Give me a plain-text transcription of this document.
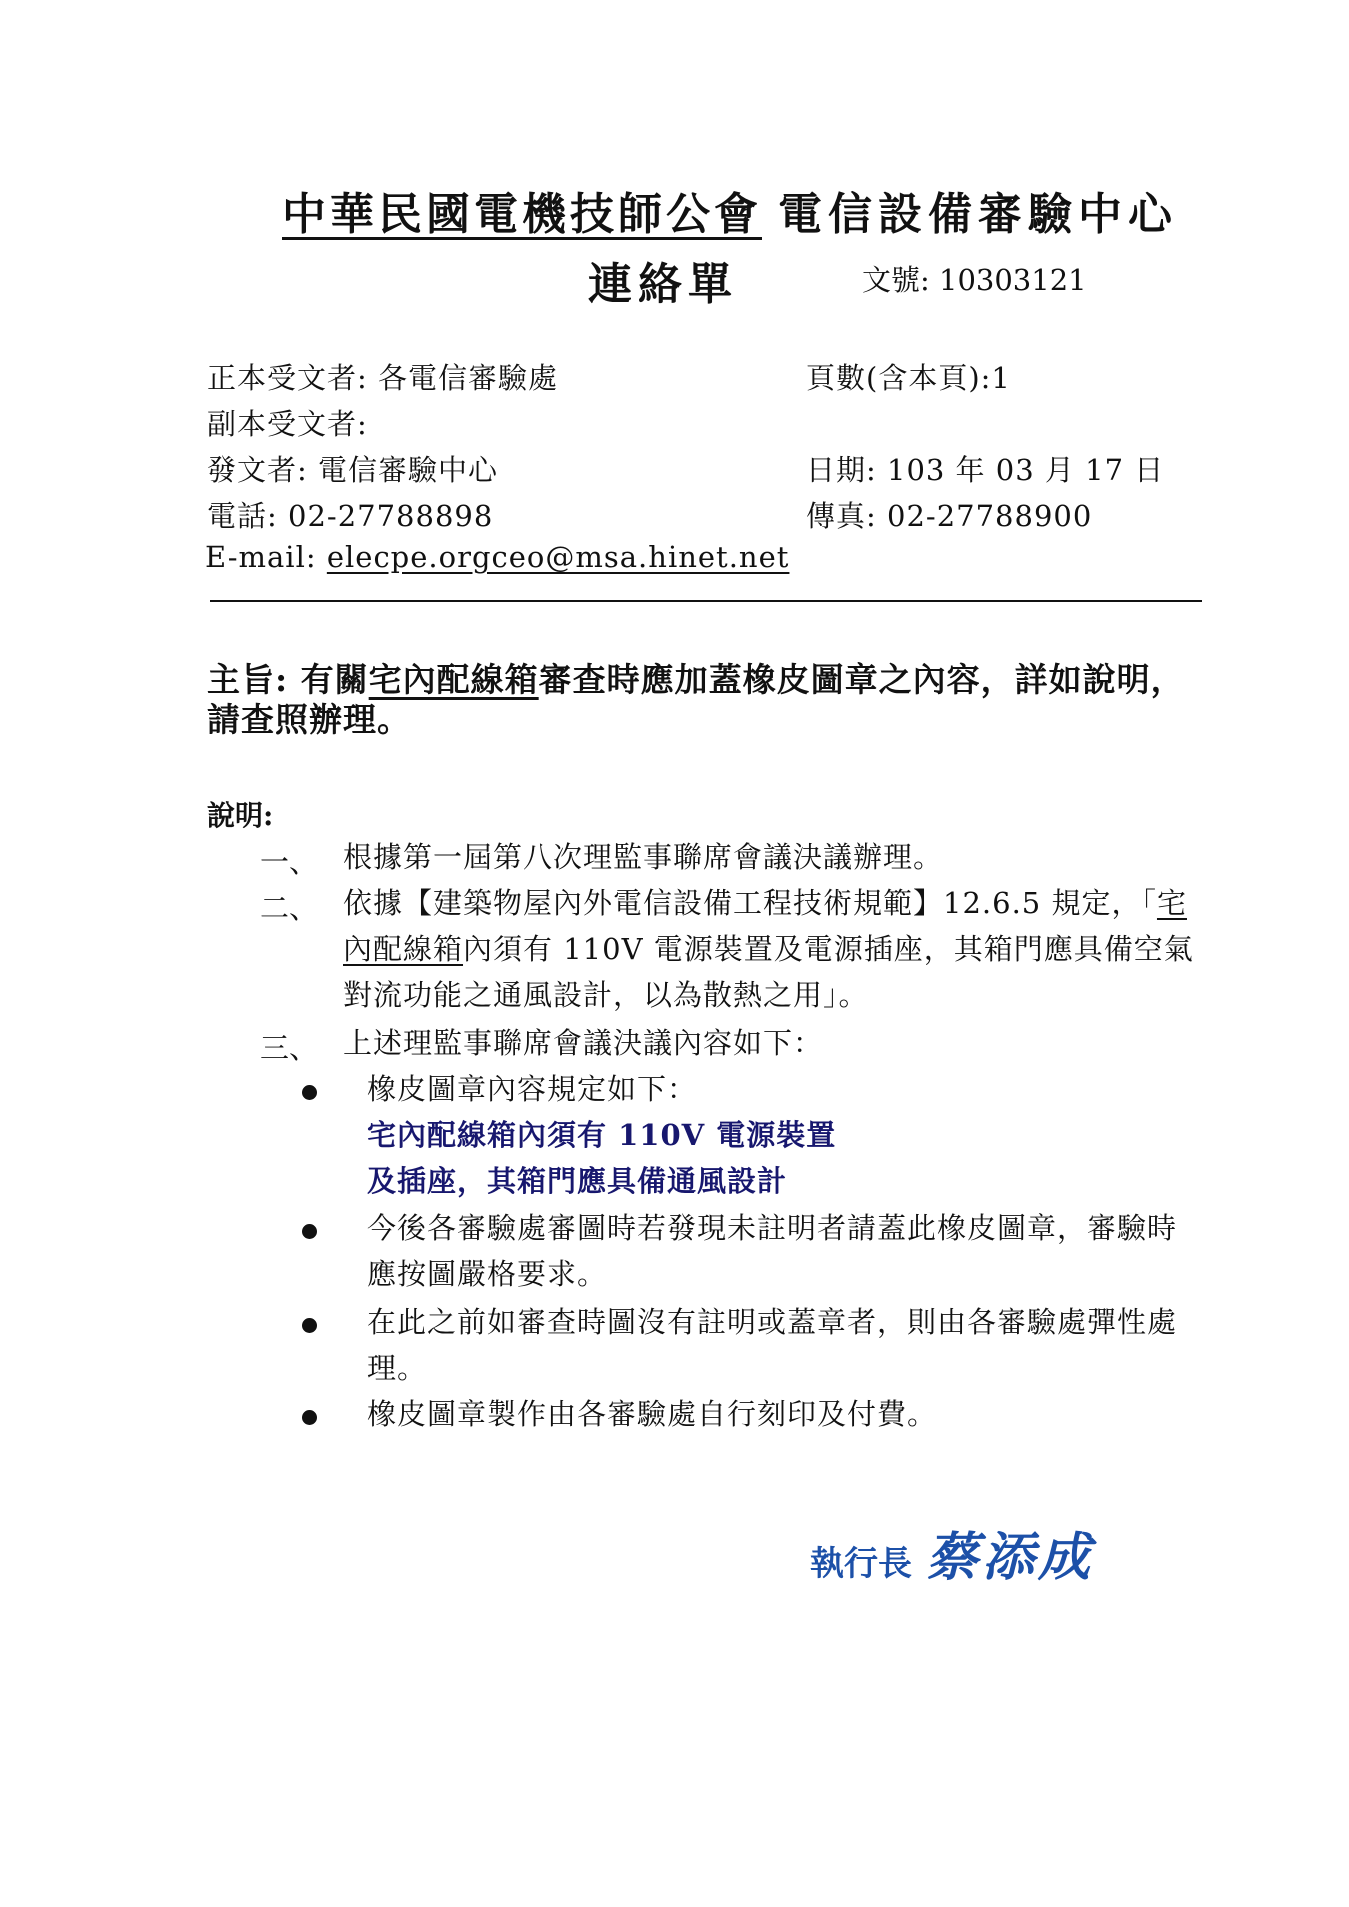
中華民國電機技師公會 電信設備審驗中心
連絡單	文號: 10303121
正本受文者: 各電信審驗處	頁數(含本頁):1
副本受文者:
發文者: 電信審驗中心	日期: 103 年 03 月 17 日
電話: 02-27788898	傳真: 02-27788900
E-mail: elecpe.orgceo@msa.hinet.net
主旨: 有關宅內配線箱審查時應加蓋橡皮圖章之內容，詳如說明，請查照辦理。
說明:
一、 根據第一屆第八次理監事聯席會議決議辦理。
二、 依據【建築物屋內外電信設備工程技術規範】12.6.5 規定，「宅內配線箱內須有 110V 電源裝置及電源插座，其箱門應具備空氣對流功能之通風設計，以為散熱之用」。
三、 上述理監事聯席會議決議內容如下：
橡皮圖章內容規定如下：
宅內配線箱內須有 110V 電源裝置
及插座，其箱門應具備通風設計
今後各審驗處審圖時若發現未註明者請蓋此橡皮圖章，審驗時應按圖嚴格要求。
在此之前如審查時圖沒有註明或蓋章者，則由各審驗處彈性處理。
橡皮圖章製作由各審驗處自行刻印及付費。
執行長 蔡添成
